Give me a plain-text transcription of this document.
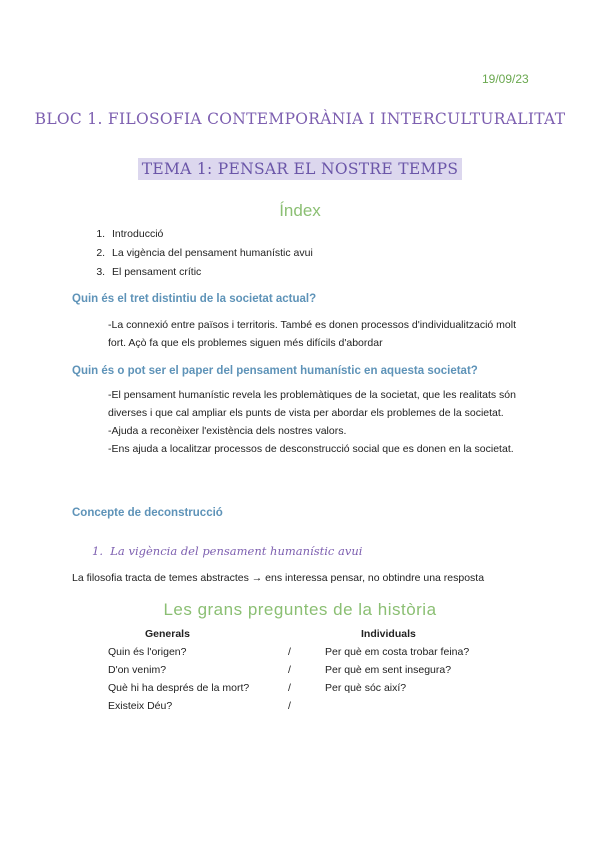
19/09/23
BLOC 1. FILOSOFIA CONTEMPORÀNIA I INTERCULTURALITAT
TEMA 1: PENSAR EL NOSTRE TEMPS
Índex
1. Introducció
2. La vigència del pensament humanístic avui
3. El pensament crític
Quin és el tret distintiu de la societat actual?

-La connexió entre països i territoris. També es donen processos d'individualització molt fort. Açò fa que els problemes siguen més difícils d'abordar

Quin és o pot ser el paper del pensament humanístic en aquesta societat?

-El pensament humanístic revela les problemàtiques de la societat, que les realitats són diverses i que cal ampliar els punts de vista per abordar els problemes de la societat.

-Ajuda a reconèixer l'existència dels nostres valors.

-Ens ajuda a localitzar processos de desconstrucció social que es donen en la societat.

Concepte de deconstrucció
1. La vigència del pensament humanístic avui
La filosofia tracta de temes abstractes → ens interessa pensar, no obtindre una resposta
Les grans preguntes de la història
Generals	Individuals
Quin és l'origen?	/	Per què em costa trobar feina?
D'on venim?	/	Per què em sent insegura?
Què hi ha després de la mort?	/	Per què sóc així?
Existeix Déu?	/
